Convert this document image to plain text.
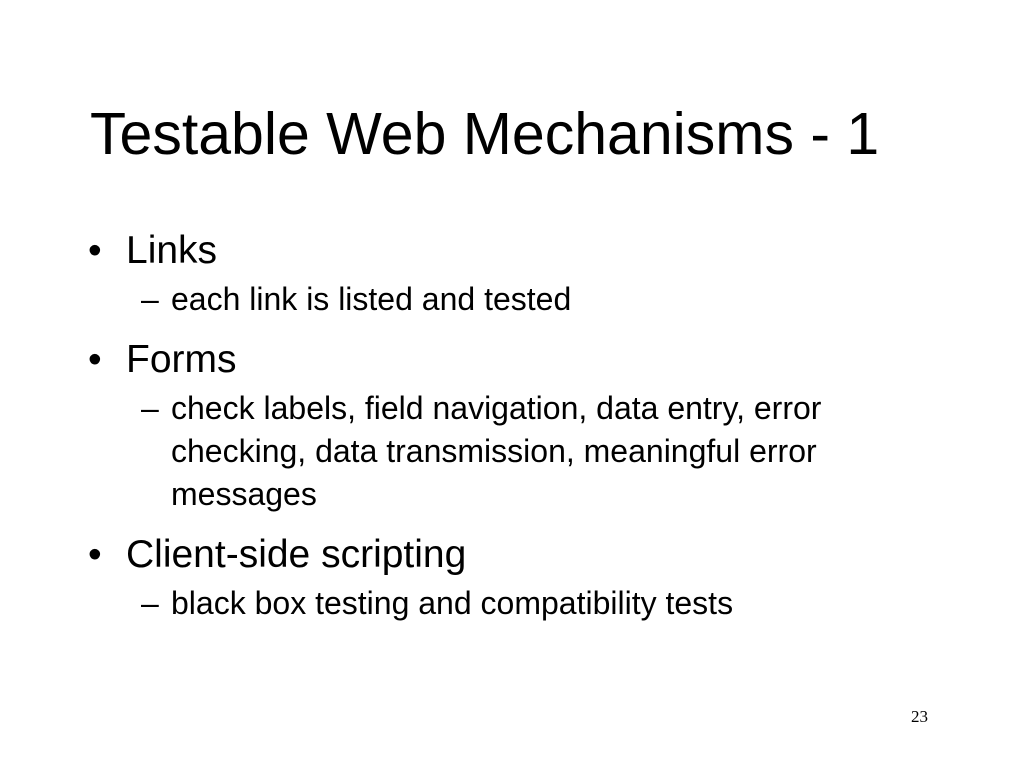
Testable Web Mechanisms - 1
• Links
– each link is listed and tested
• Forms
– check labels, field navigation, data entry, error checking, data transmission, meaningful error messages
• Client-side scripting
– black box testing and compatibility tests
23
